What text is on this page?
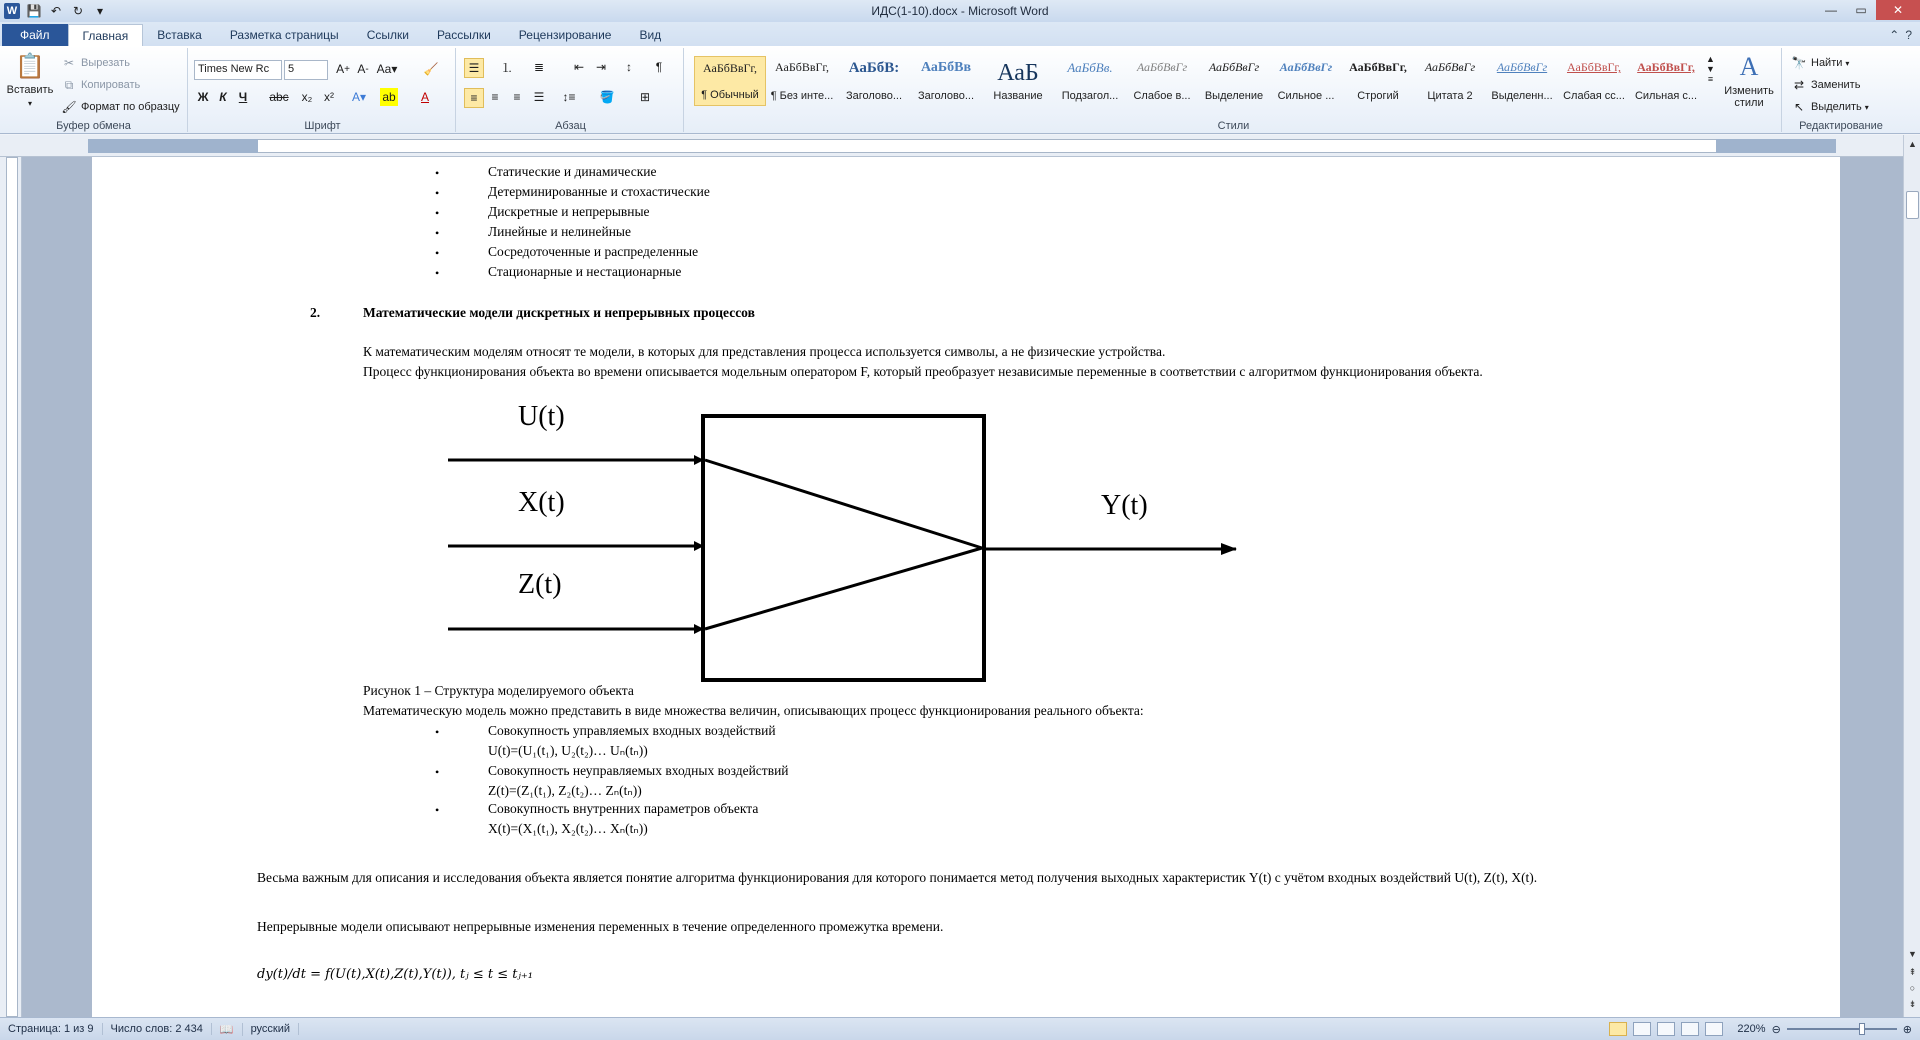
W 💾 ↶ ↻	▾	ИДС(1-10).docx - Microsoft Word	—	▭	✕
Файл	Главная	Вставка	Разметка страницы	Ссылки	Рассылки	Рецензирование	Вид	⌃ ?
📋
Вставить
▾
✂ Вырезать
⧉ Копировать
🖌 Формат по образцу
Буфер обмена
Times New Rc	5	A + A - Aa▾ 🧹
Ж К	Ч	abc	x₂ x²	A▾ ab	A
Шрифт
☰	⒈	≣	⇤ ⇥	↕	¶
≡	≡	≡	☰	↕≡ 🪣	⊞
Абзац
АаБбВвГг,
¶ Обычный
АаБбВвГг,
¶ Без инте...
АаБбВ:
Заголово...
АаБбВв
Заголово...
АаБ
Название
АаБбВв.
Подзагол...
АаБбВвГг
Слабое в...
АаБбВвГг
Выделение
АаБбВвГг
Сильное ...
АаБбВвГг,
Строгий
АаБбВвГг
Цитата 2
АаБбВвГг
Выделенн...
АаБбВвГг,
Слабая сс...
АаБбВвГг,
Сильная с...
▲
▼
≡ A
Изменить стили
Стили
🔭 Найти ▾
⇄ Заменить
↖ Выделить ▾
Редактирование
•	Статические и динамические
•	Детерминированные и стохастические
•	Дискретные и непрерывные
•	Линейные и нелинейные
•	Сосредоточенные и распределенные
•	Стационарные и нестационарные
2.	Математические модели дискретных и непрерывных процессов
К математическим моделям относят те модели, в которых для представления процесса используется символы, а не физические устройства.
Процесс функционирования объекта во времени описывается модельным оператором F, который преобразует независимые переменные в соответствии с алгоритмом функционирования объекта.
U(t)
X(t)
Z(t)
Y(t)
Рисунок 1 – Структура моделируемого объекта
Математическую модель можно представить в виде множества величин, описывающих процесс функционирования реального объекта:
•	Совокупность управляемых входных воздействий
U(t)=(U₁(t₁), U₂(t₂)… Uₙ(tₙ))
•	Совокупность неуправляемых входных воздействий
Z(t)=(Z₁(t₁), Z₂(t₂)… Zₙ(tₙ))
•	Совокупность внутренних параметров объекта
X(t)=(X₁(t₁), X₂(t₂)… Xₙ(tₙ))
Весьма важным для описания и исследования объекта является понятие алгоритма функционирования для которого понимается метод получения выходных характеристик Y(t) с учётом входных воздействий U(t), Z(t), X(t).
Непрерывные модели описывают непрерывные изменения переменных в течение определенного промежутка времени.
dy(t)/dt = f(U(t),X(t),Z(t),Y(t)), tⱼ ≤ t ≤ tⱼ₊₁
▲
▼
⇞
○
⇟
Страница: 1 из 9	Число слов: 2 434	📖	русский	220% ⊖	⊕
